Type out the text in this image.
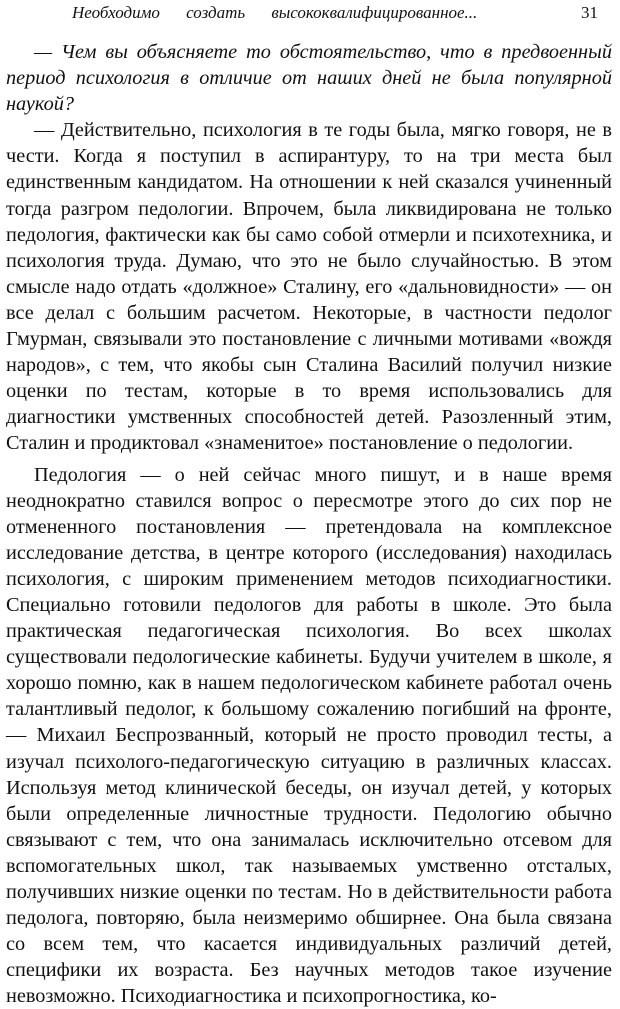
Необходимо создать высококвалифицированное...	31

— Чем вы объясняете то обстоятельство, что в предвоенный период психология в отличие от наших дней не была популярной наукой?

— Действительно, психология в те годы была, мягко говоря, не в чести. Когда я поступил в аспирантуру, то на три места был единственным кандидатом. На отношении к ней сказался учиненный тогда разгром педологии. Впрочем, была ликвидирована не только педология, фактически как бы само собой отмерли и психотехника, и психология труда. Думаю, что это не было случайностью. В этом смысле надо отдать «должное» Сталину, его «дальновидности» — он все делал с большим расчетом. Некоторые, в частности педолог Гмурман, связывали это постановление с личными мотивами «вождя народов», с тем, что якобы сын Сталина Василий получил низкие оценки по тестам, которые в то время использовались для диагностики умственных способностей детей. Разозленный этим, Сталин и продиктовал «знаменитое» постановление о педологии.

Педология — о ней сейчас много пишут, и в наше время неоднократно ставился вопрос о пересмотре этого до сих пор не отмененного постановления — претендовала на комплексное исследование детства, в центре которого (исследования) находилась психология, с широким применением методов психодиагностики. Специально готовили педологов для работы в школе. Это была практическая педагогическая психология. Во всех школах существовали педологические кабинеты. Будучи учителем в школе, я хорошо помню, как в нашем педологическом кабинете работал очень талантливый педолог, к большому сожалению погибший на фронте,— Михаил Беспрозванный, который не просто проводил тесты, а изучал психолого-педагогическую ситуацию в различных классах. Используя метод клинической беседы, он изучал детей, у которых были определенные личностные трудности. Педологию обычно связывают с тем, что она занималась исключительно отсевом для вспомогательных школ, так называемых умственно отсталых, получивших низкие оценки по тестам. Но в действительности работа педолога, повторяю, была неизмеримо обширнее. Она была связана со всем тем, что касается индивидуальных различий детей, специфики их возраста. Без научных методов такое изучение невозможно. Психодиагностика и психопрогностика, ко-
